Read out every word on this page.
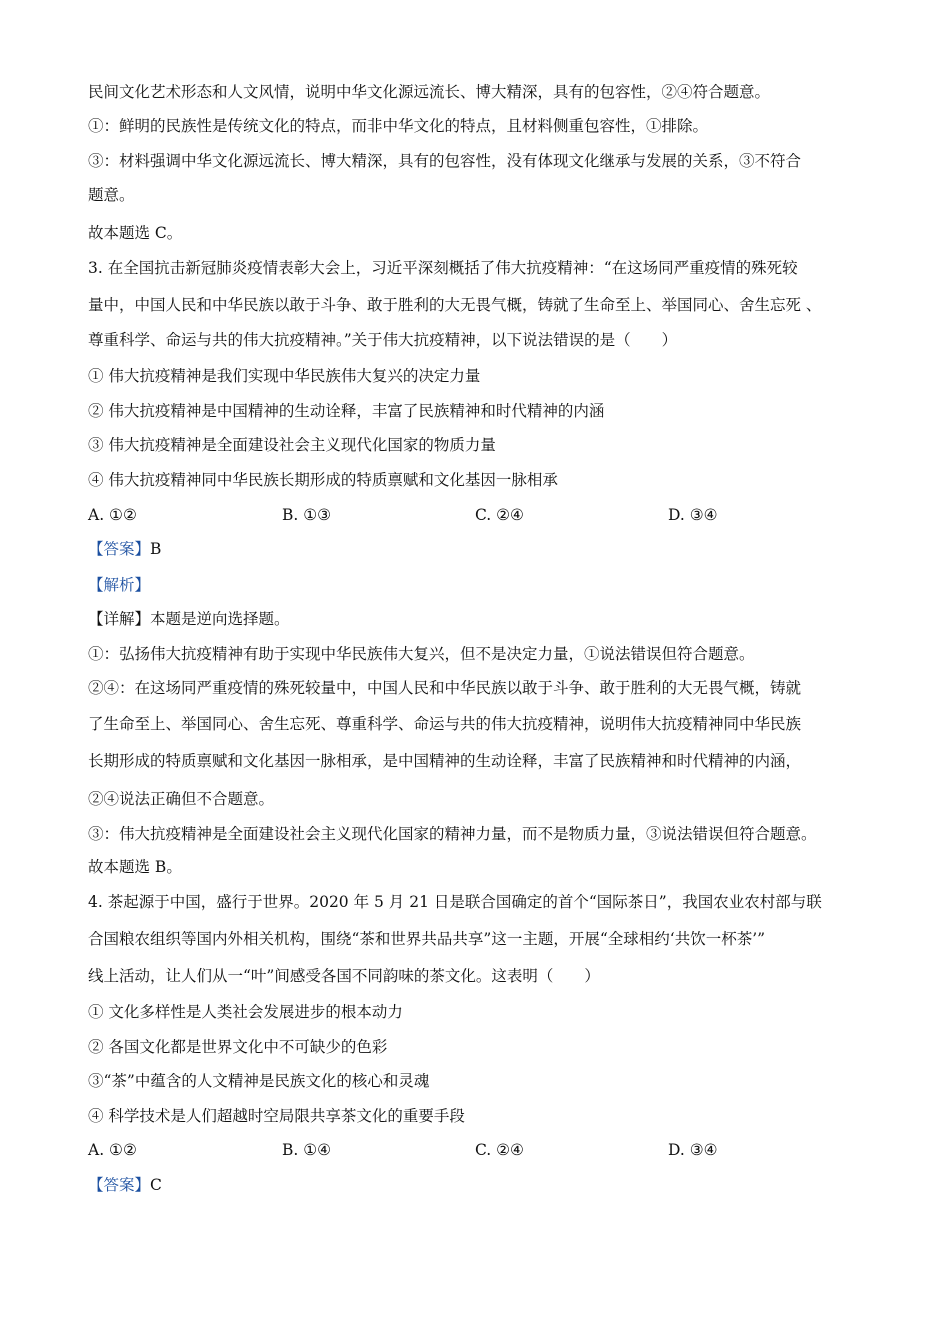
民间文化艺术形态和人文风情，说明中华文化源远流长、博大精深，具有的包容性，②④符合题意。
①：鲜明的民族性是传统文化的特点，而非中华文化的特点，且材料侧重包容性，①排除。
③：材料强调中华文化源远流长、博大精深，具有的包容性，没有体现文化继承与发展的关系，③不符合
题意。
故本题选 C。
3. 在全国抗击新冠肺炎疫情表彰大会上，习近平深刻概括了伟大抗疫精神：“在这场同严重疫情的殊死较
量中，中国人民和中华民族以敢于斗争、敢于胜利的大无畏气概，铸就了生命至上、举国同心、舍生忘死 、
尊重科学、命运与共的伟大抗疫精神。”关于伟大抗疫精神，以下说法错误的是（　　）
① 伟大抗疫精神是我们实现中华民族伟大复兴的决定力量
② 伟大抗疫精神是中国精神的生动诠释，丰富了民族精神和时代精神的内涵
③ 伟大抗疫精神是全面建设社会主义现代化国家的物质力量
④ 伟大抗疫精神同中华民族长期形成的特质禀赋和文化基因一脉相承
A. ①②	B. ①③	C. ②④	D. ③④
【答案】B
【解析】
【详解】本题是逆向选择题。
①：弘扬伟大抗疫精神有助于实现中华民族伟大复兴，但不是决定力量，①说法错误但符合题意。
②④：在这场同严重疫情的殊死较量中，中国人民和中华民族以敢于斗争、敢于胜利的大无畏气概，铸就
了生命至上、举国同心、舍生忘死、尊重科学、命运与共的伟大抗疫精神，说明伟大抗疫精神同中华民族
长期形成的特质禀赋和文化基因一脉相承，是中国精神的生动诠释，丰富了民族精神和时代精神的内涵，
②④说法正确但不合题意。
③：伟大抗疫精神是全面建设社会主义现代化国家的精神力量，而不是物质力量，③说法错误但符合题意。
故本题选 B。
4. 茶起源于中国，盛行于世界。2020 年 5 月 21 日是联合国确定的首个“国际茶日”，我国农业农村部与联
合国粮农组织等国内外相关机构，围绕“茶和世界共品共享”这一主题，开展“全球相约‘共饮一杯茶’”
线上活动，让人们从一“叶”间感受各国不同韵味的茶文化。这表明（　　）
① 文化多样性是人类社会发展进步的根本动力
② 各国文化都是世界文化中不可缺少的色彩
③“茶”中蕴含的人文精神是民族文化的核心和灵魂
④ 科学技术是人们超越时空局限共享茶文化的重要手段
A. ①②	B. ①④	C. ②④	D. ③④
【答案】C
